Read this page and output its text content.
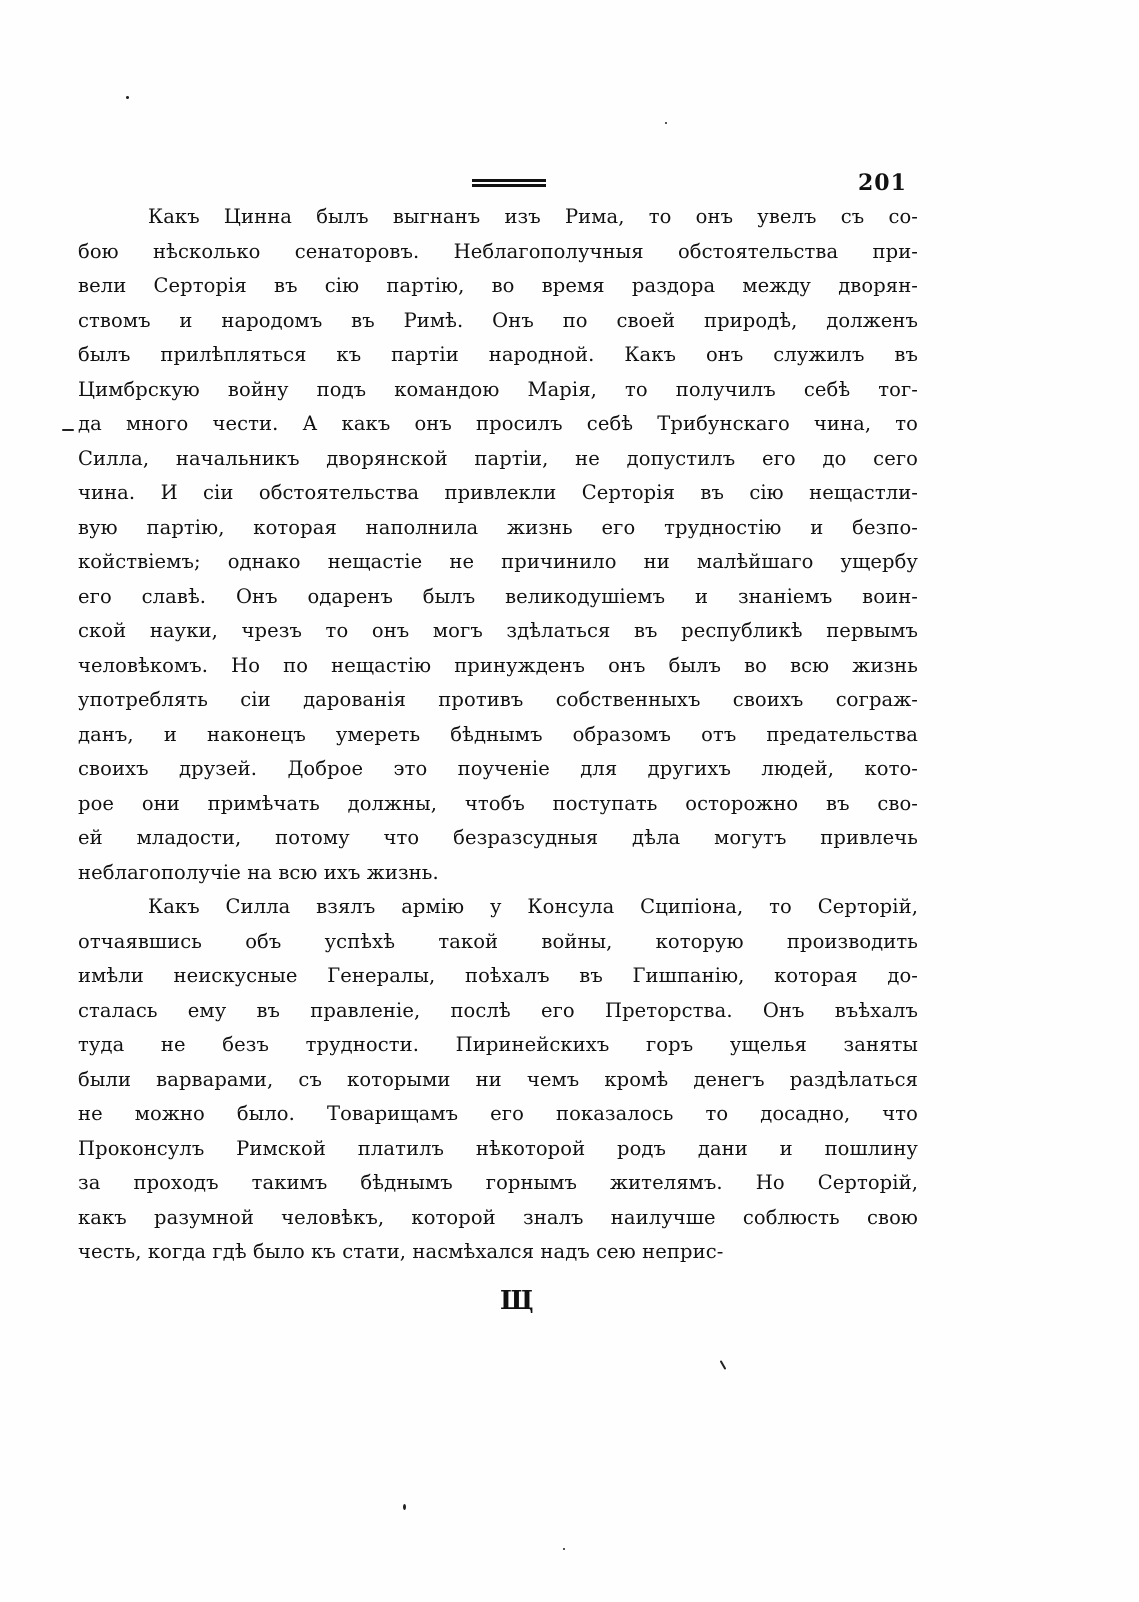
201
Какъ Цинна былъ выгнанъ изъ Рима, то онъ увелъ съ со-
бою нѣсколько сенаторовъ. Неблагополучныя обстоятельства при-
вели Серторія въ сію партію, во время раздора между дворян-
ствомъ и народомъ въ Римѣ. Онъ по своей природѣ, долженъ
былъ прилѣпляться къ партіи народной. Какъ онъ служилъ въ
Цимбрскую войну подъ командою Марія, то получилъ себѣ тог-
да много чести. А какъ онъ просилъ себѣ Трибунскаго чина, то
Силла, начальникъ дворянской партіи, не допустилъ его до сего
чина. И сіи обстоятельства привлекли Серторія въ сію нещастли-
вую партію, которая наполнила жизнь его трудностію и безпо-
койствіемъ; однако нещастіе не причинило ни малѣйшаго ущербу
его славѣ. Онъ одаренъ былъ великодушіемъ и знаніемъ воин-
ской науки, чрезъ то онъ могъ здѣлаться въ республикѣ первымъ
человѣкомъ. Но по нещастію принужденъ онъ былъ во всю жизнь
употреблять сіи дарованія противъ собственныхъ своихъ сограж-
данъ, и наконецъ умереть бѣднымъ образомъ отъ предательства
своихъ друзей. Доброе это поученіе для другихъ людей, кото-
рое они примѣчать должны, чтобъ поступать осторожно въ сво-
ей младости, потому что безразсудныя дѣла могутъ привлечь
неблагополучіе на всю ихъ жизнь.
Какъ Силла взялъ армію у Консула Сципіона, то Серторій,
отчаявшись объ успѣхѣ такой войны, которую производить
имѣли неискусные Генералы, поѣхалъ въ Гишпанію, которая до-
сталась ему въ правленіе, послѣ его Преторства. Онъ въѣхалъ
туда не безъ трудности. Пиринейскихъ горъ ущелья заняты
были варварами, съ которыми ни чемъ кромѣ денегъ раздѣлаться
не можно было. Товарищамъ его показалось то досадно, что
Проконсулъ Римской платилъ нѣкоторой родъ дани и пошлину
за проходъ такимъ бѣднымъ горнымъ жителямъ. Но Серторій,
какъ разумной человѣкъ, которой зналъ наилучше соблюсть свою
честь, когда гдѣ было къ стати, насмѣхался надъ сею неприс-
Щ
